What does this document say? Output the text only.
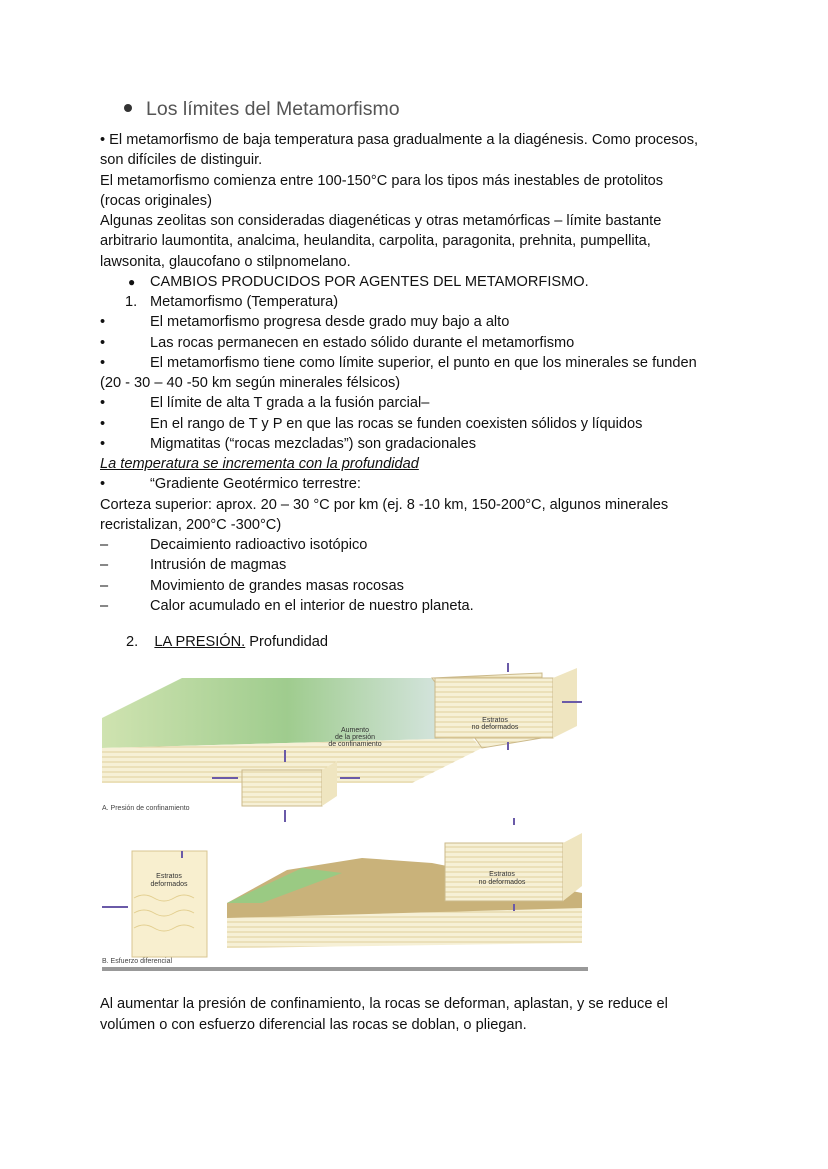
Los límites del Metamorfismo
• El metamorfismo de baja temperatura pasa gradualmente a la diagénesis. Como procesos,
son difíciles de distinguir.
El metamorfismo comienza entre 100-150°C para los tipos más inestables de protolitos
(rocas originales)
Algunas zeolitas son consideradas diagenéticas y otras metamórficas – límite bastante
arbitrario laumontita, analcima, heulandita, carpolita, paragonita, prehnita, pumpellita,
lawsonita, glaucofano o stilpnomelano.
● CAMBIOS PRODUCIDOS POR AGENTES DEL METAMORFISMO.
1. Metamorfismo (Temperatura)
•	El metamorfismo progresa desde grado muy bajo a alto
•	Las rocas permanecen en estado sólido durante el metamorfismo
•	El metamorfismo tiene como límite superior, el punto en que los minerales se funden
(20 - 30 – 40 -50 km según minerales félsicos)
•	El límite de alta T grada a la fusión parcial–
•	En el rango de T y P en que las rocas se funden coexisten sólidos y líquidos
•	Migmatitas (“rocas mezcladas”) son gradacionales
La temperatura se incrementa con la profundidad
•	“Gradiente Geotérmico terrestre:
Corteza superior: aprox. 20 – 30 °C por km (ej. 8 -10 km, 150-200°C, algunos minerales
recristalizan, 200°C -300°C)
–	Decaimiento radioactivo isotópico
–	Intrusión de magmas
–	Movimiento de grandes masas rocosas
–	Calor acumulado en el interior de nuestro planeta.
2. LA PRESIÓN. Profundidad
A. Presión de confinamiento
B. Esfuerzo diferencial
Aumento
de la presión
de confinamiento
Estratos
no deformados
Estratos
deformados
Estratos
no deformados
Al aumentar la presión de confinamiento, la rocas se deforman, aplastan, y se reduce el
volúmen o con esfuerzo diferencial las rocas se doblan, o pliegan.
